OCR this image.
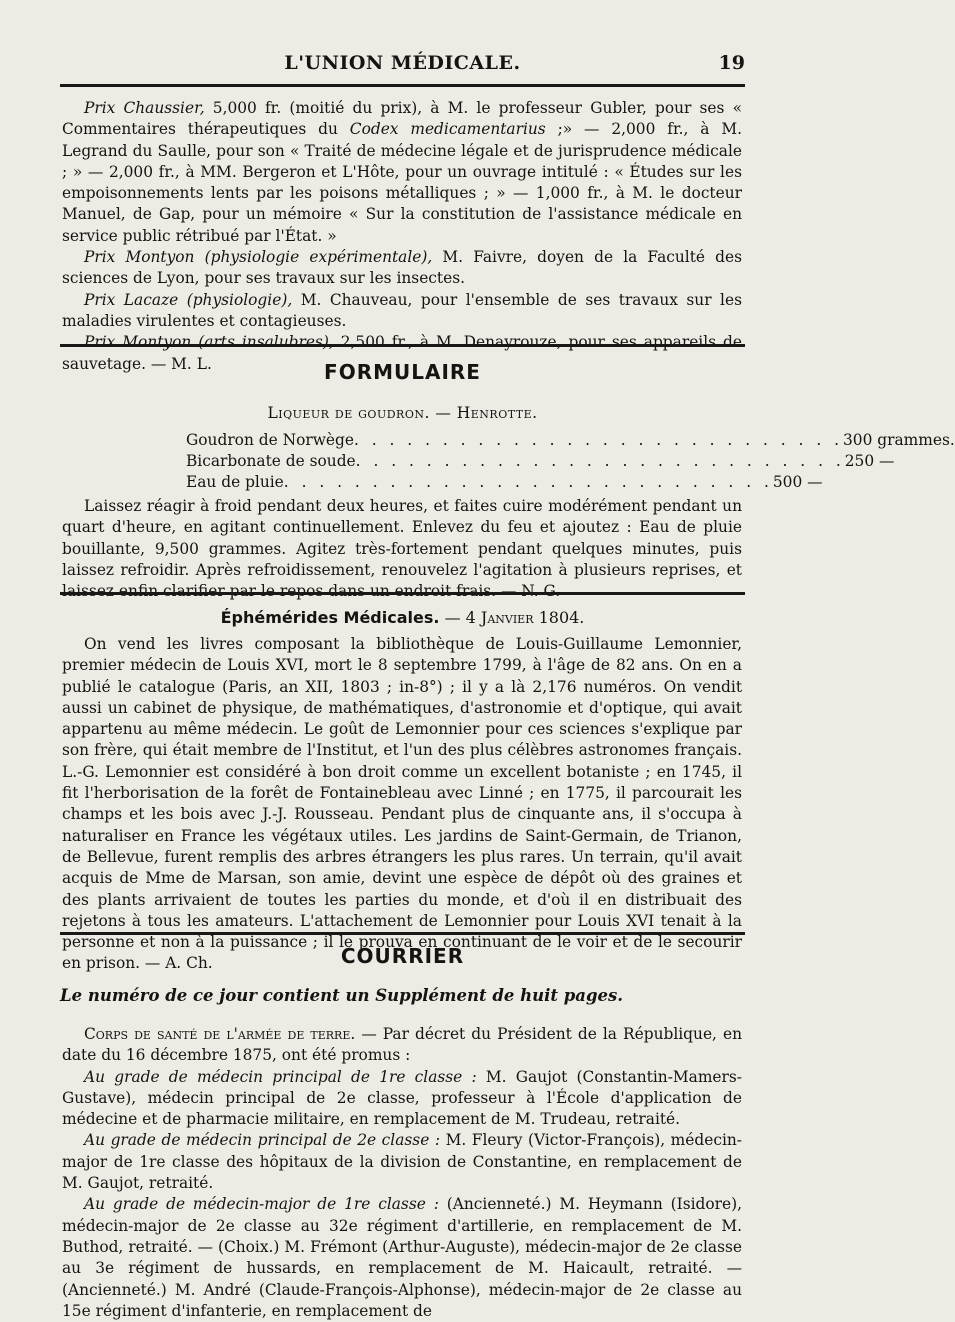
L'UNION MÉDICALE.	19

Prix Chaussier, 5,000 fr. (moitié du prix), à M. le professeur Gubler, pour ses « Commentaires thérapeutiques du Codex medicamentarius ;» — 2,000 fr., à M. Legrand du Saulle, pour son « Traité de médecine légale et de jurisprudence médicale ; » — 2,000 fr., à MM. Bergeron et L'Hôte, pour un ouvrage intitulé : « Études sur les empoisonnements lents par les poisons métalliques ; » — 1,000 fr., à M. le docteur Manuel, de Gap, pour un mémoire « Sur la constitution de l'assistance médicale en service public rétribué par l'État. »

Prix Montyon (physiologie expérimentale), M. Faivre, doyen de la Faculté des sciences de Lyon, pour ses travaux sur les insectes.

Prix Lacaze (physiologie), M. Chauveau, pour l'ensemble de ses travaux sur les maladies virulentes et contagieuses.

Prix Montyon (arts insalubres), 2,500 fr., à M. Denayrouze, pour ses appareils de sauvetage. — M. L.	FORMULAIRE
Liqueur de goudron. — Henrotte.
Goudron de Norwège . . . . . . . . . . . . . . . . . . . . . . . . . . . . 300 grammes.
Bicarbonate de soude . . . . . . . . . . . . . . . . . . . . . . . . . . . . 250 —
Eau de pluie . . . . . . . . . . . . . . . . . . . . . . . . . . . . 500 —

Laissez réagir à froid pendant deux heures, et faites cuire modérément pendant un quart d'heure, en agitant continuellement. Enlevez du feu et ajoutez : Eau de pluie bouillante, 9,500 grammes. Agitez très-fortement pendant quelques minutes, puis laissez refroidir. Après refroidissement, renouvelez l'agitation à plusieurs reprises, et laissez enfin clarifier par le repos dans un endroit frais. — N. G.

Éphémérides Médicales. — 4 Janvier 1804.

On vend les livres composant la bibliothèque de Louis-Guillaume Lemonnier, premier médecin de Louis XVI, mort le 8 septembre 1799, à l'âge de 82 ans. On en a publié le catalogue (Paris, an XII, 1803 ; in-8°) ; il y a là 2,176 numéros. On vendit aussi un cabinet de physique, de mathématiques, d'astronomie et d'optique, qui avait appartenu au même médecin. Le goût de Lemonnier pour ces sciences s'explique par son frère, qui était membre de l'Institut, et l'un des plus célèbres astronomes français. L.-G. Lemonnier est considéré à bon droit comme un excellent botaniste ; en 1745, il fit l'herborisation de la forêt de Fontainebleau avec Linné ; en 1775, il parcourait les champs et les bois avec J.-J. Rousseau. Pendant plus de cinquante ans, il s'occupa à naturaliser en France les végétaux utiles. Les jardins de Saint-Germain, de Trianon, de Bellevue, furent remplis des arbres étrangers les plus rares. Un terrain, qu'il avait acquis de Mme de Marsan, son amie, devint une espèce de dépôt où des graines et des plants arrivaient de toutes les parties du monde, et d'où il en distribuait des rejetons à tous les amateurs. L'attachement de Lemonnier pour Louis XVI tenait à la personne et non à la puissance ; il le prouva en continuant de le voir et de le secourir en prison. — A. Ch.	COURRIER
Le numéro de ce jour contient un Supplément de huit pages.

Corps de santé de l'armée de terre. — Par décret du Président de la République, en date du 16 décembre 1875, ont été promus :

Au grade de médecin principal de 1re classe : M. Gaujot (Constantin-Mamers-Gustave), médecin principal de 2e classe, professeur à l'École d'application de médecine et de pharmacie militaire, en remplacement de M. Trudeau, retraité.

Au grade de médecin principal de 2e classe : M. Fleury (Victor-François), médecin-major de 1re classe des hôpitaux de la division de Constantine, en remplacement de M. Gaujot, retraité.

Au grade de médecin-major de 1re classe : (Ancienneté.) M. Heymann (Isidore), médecin-major de 2e classe au 32e régiment d'artillerie, en remplacement de M. Buthod, retraité. — (Choix.) M. Frémont (Arthur-Auguste), médecin-major de 2e classe au 3e régiment de hussards, en remplacement de M. Haicault, retraité. — (Ancienneté.) M. André (Claude-François-Alphonse), médecin-major de 2e classe au 15e régiment d'infanterie, en remplacement de
